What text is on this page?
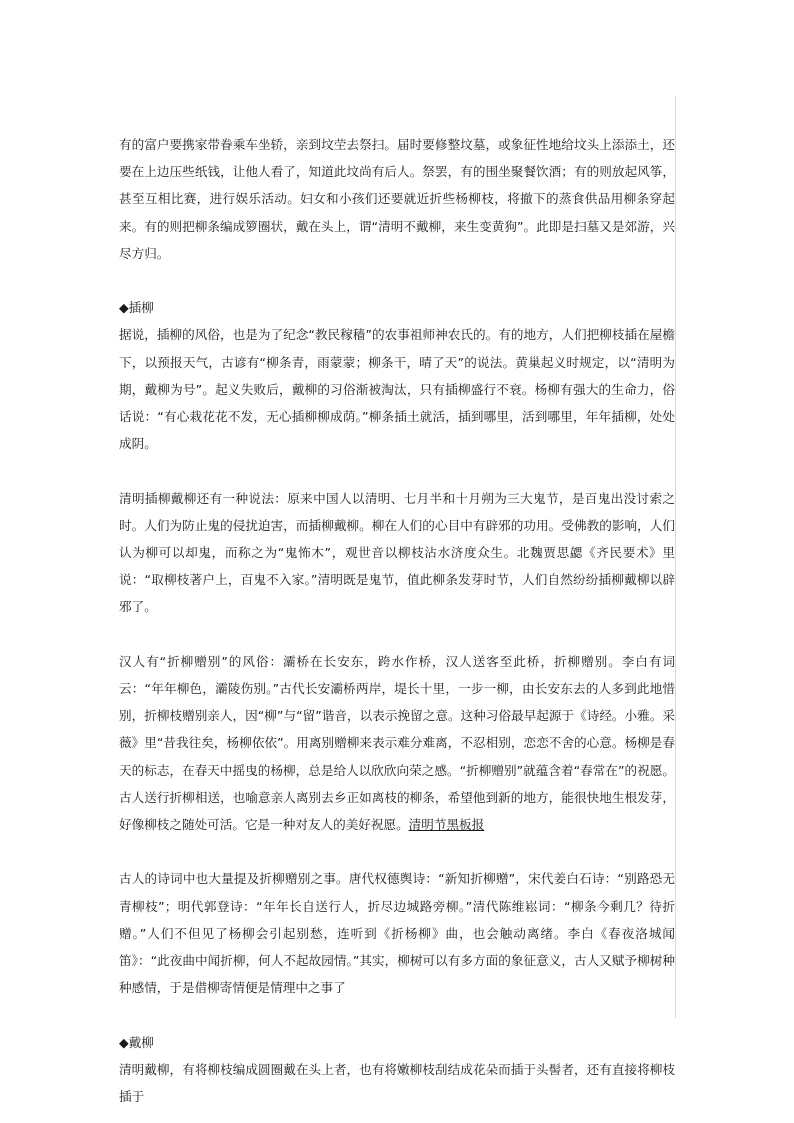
有的富户要携家带眷乘车坐轿，亲到坟茔去祭扫。届时要修整坟墓，或象征性地给坟头上添添土，还要在上边压些纸钱，让他人看了，知道此坟尚有后人。祭罢，有的围坐聚餐饮酒；有的则放起风筝，甚至互相比赛，进行娱乐活动。妇女和小孩们还要就近折些杨柳枝，将撤下的蒸食供品用柳条穿起来。有的则把柳条编成箩圈状，戴在头上，谓“清明不戴柳，来生变黄狗”。此即是扫墓又是郊游，兴尽方归。

◆插柳

据说，插柳的风俗，也是为了纪念“教民稼穑”的农事祖师神农氏的。有的地方，人们把柳枝插在屋檐下，以预报天气，古谚有“柳条青，雨蒙蒙；柳条干，晴了天”的说法。黄巢起义时规定，以“清明为期，戴柳为号”。起义失败后，戴柳的习俗渐被淘汰，只有插柳盛行不衰。杨柳有强大的生命力，俗话说：“有心栽花花不发，无心插柳柳成荫。”柳条插土就活，插到哪里，活到哪里，年年插柳，处处成阴。

清明插柳戴柳还有一种说法：原来中国人以清明、七月半和十月朔为三大鬼节，是百鬼出没讨索之时。人们为防止鬼的侵扰迫害，而插柳戴柳。柳在人们的心目中有辟邪的功用。受佛教的影响，人们认为柳可以却鬼，而称之为“鬼怖木”，观世音以柳枝沾水济度众生。北魏贾思勰《齐民要术》里说：“取柳枝著户上，百鬼不入家。”清明既是鬼节，值此柳条发芽时节，人们自然纷纷插柳戴柳以辟邪了。

汉人有“折柳赠别”的风俗：灞桥在长安东，跨水作桥，汉人送客至此桥，折柳赠别。李白有词云：“年年柳色，灞陵伤别。”古代长安灞桥两岸，堤长十里，一步一柳，由长安东去的人多到此地惜别，折柳枝赠别亲人，因“柳”与“留”谐音，以表示挽留之意。这种习俗最早起源于《诗经。小雅。采薇》里“昔我往矣，杨柳依依”。用离别赠柳来表示难分难离，不忍相别，恋恋不舍的心意。杨柳是春天的标志，在春天中摇曳的杨柳，总是给人以欣欣向荣之感。“折柳赠别”就蕴含着“春常在”的祝愿。古人送行折柳相送，也喻意亲人离别去乡正如离枝的柳条，希望他到新的地方，能很快地生根发芽，好像柳枝之随处可活。它是一种对友人的美好祝愿。清明节黑板报

古人的诗词中也大量提及折柳赠别之事。唐代权德舆诗：“新知折柳赠”，宋代姜白石诗：“别路恐无青柳枝”；明代郭登诗：“年年长自送行人，折尽边城路旁柳。”清代陈维崧词：“柳条今剩几？待折赠。”人们不但见了杨柳会引起别愁，连听到《折杨柳》曲，也会触动离绪。李白《春夜洛城闻笛》：“此夜曲中闻折柳，何人不起故园情。”其实，柳树可以有多方面的象征意义，古人又赋予柳树种种感情，于是借柳寄情便是情理中之事了

◆戴柳

清明戴柳，有将柳枝编成圆圈戴在头上者，也有将嫩柳枝刮结成花朵而插于头髻者，还有直接将柳枝插于
